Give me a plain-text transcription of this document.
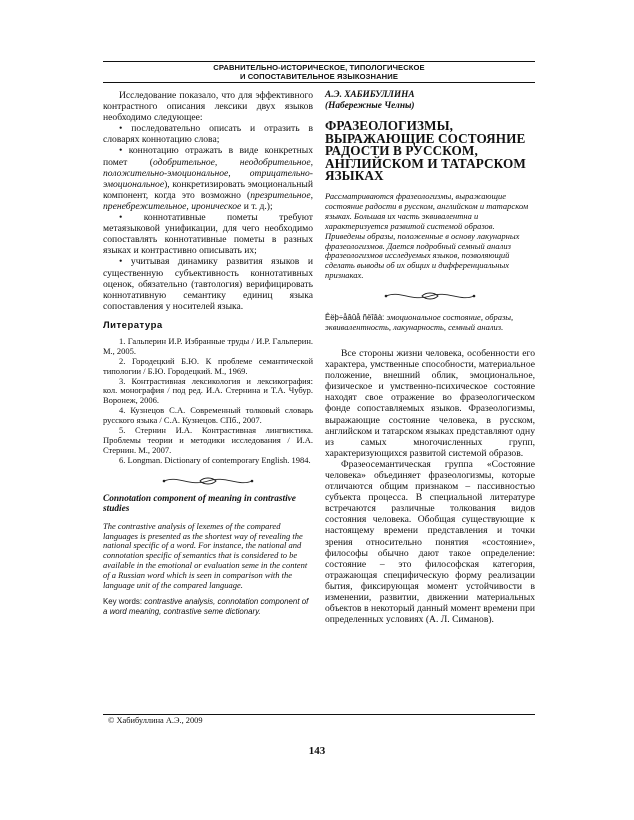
СРАВНИТЕЛЬНО-ИСТОРИЧЕСКОЕ, ТИПОЛОГИЧЕСКОЕ
И СОПОСТАВИТЕЛЬНОЕ ЯЗЫКОЗНАНИЕ

Исследование показало, что для эффективного контрастного описания лексики двух языков необходимо следующее:

• последовательно описать и отразить в словарях коннотацию слова;

• коннотацию отражать в виде конкретных помет (одобрительное, неодобрительное, положительно-эмоциональное, отрицательно-эмоциональное), конкретизировать эмоциональный компонент, когда это возможно (презрительное, пренебрежительное, ироническое и т. д.);

• коннотативные пометы требуют метаязыковой унификации, для чего необходимо сопоставлять коннотативные пометы в разных языках и контрастивно описывать их;

• учитывая динамику развития языков и существенную субъективность коннотативных оценок, обязательно (тавтология) верифицировать коннотативную семантику единиц языка сопоставления у носителей языка.

Литература

1. Гальперин И.Р. Избранные труды / И.Р. Гальперин. М., 2005.

2. Городецкий Б.Ю. К проблеме семантической типологии / Б.Ю. Городецкий. М., 1969.

3. Контрастивная лексикология и лексикография: кол. монография / под ред. И.А. Стернина и Т.А. Чубур. Воронеж, 2006.

4. Кузнецов С.А. Современный толковый словарь русского языка / С.А. Кузнецов. СПб., 2007.

5. Стернин И.А. Контрастивная лингвистика. Проблемы теории и методики исследования / И.А. Стернин. М., 2007.

6. Longman. Dictionary of contemporary English. 1984.

Connotation component of meaning in contrastive studies

The contrastive analysis of lexemes of the compared languages is presented as the shortest way of revealing the national specific of a word. For instance, the national and connotation specific of semantics that is considered to be available in the emotional or evaluation seme in the content of a Russian word which is seen in comparison with the language unit of the compared language.

Key words: contrastive analysis, connotation component of a word meaning, contrastive seme dictionary.

А.Э. ХАБИБУЛЛИНА

(Набережные Челны)

ФРАЗЕОЛОГИЗМЫ, ВЫРАЖАЮЩИЕ СОСТОЯНИЕ РАДОСТИ В РУССКОМ, АНГЛИЙСКОМ И ТАТАРСКОМ ЯЗЫКАХ

Рассматриваются фразеологизмы, выражающие состояние радости в русском, английском и татарском языках. Большая их часть эквивалентна и характеризуется развитой системой образов. Приведены образы, положенные в основу лакунарных фразеологизмов. Дается подробный семный анализ фразеологизмов исследуемых языков, позволяющий сделать выводы об их общих и дифференциальных признаках.

Êëþ÷åâûå ñëîâà: эмоциональное состояние, образы, эквивалентность, лакунарность, семный анализ.

Все стороны жизни человека, особенности его характера, умственные способности, материальное положение, внешний облик, эмоциональное, физическое и умственно-психическое состояние находят свое отражение во фразеологическом фонде сопоставляемых языков. Фразеологизмы, выражающие состояние человека, в русском, английском и татарском языках представляют одну из самых многочисленных групп, характеризующихся развитой системой образов.

Фразеосемантическая группа «Состояние человека» объединяет фразеологизмы, которые отличаются общим признаком – пассивностью субъекта процесса. В специальной литературе встречаются различные толкования видов состояния человека. Обобщая существующие к настоящему времени представления и точки зрения относительно понятия «состояние», философы обычно дают такое определение: состояние – это философская категория, отражающая специфическую форму реализации бытия, фиксирующая момент устойчивости в изменении, развитии, движении материальных объектов в некоторый данный момент времени при определенных условиях (А. Л. Симанов).

© Хабибуллина А.Э., 2009
143
